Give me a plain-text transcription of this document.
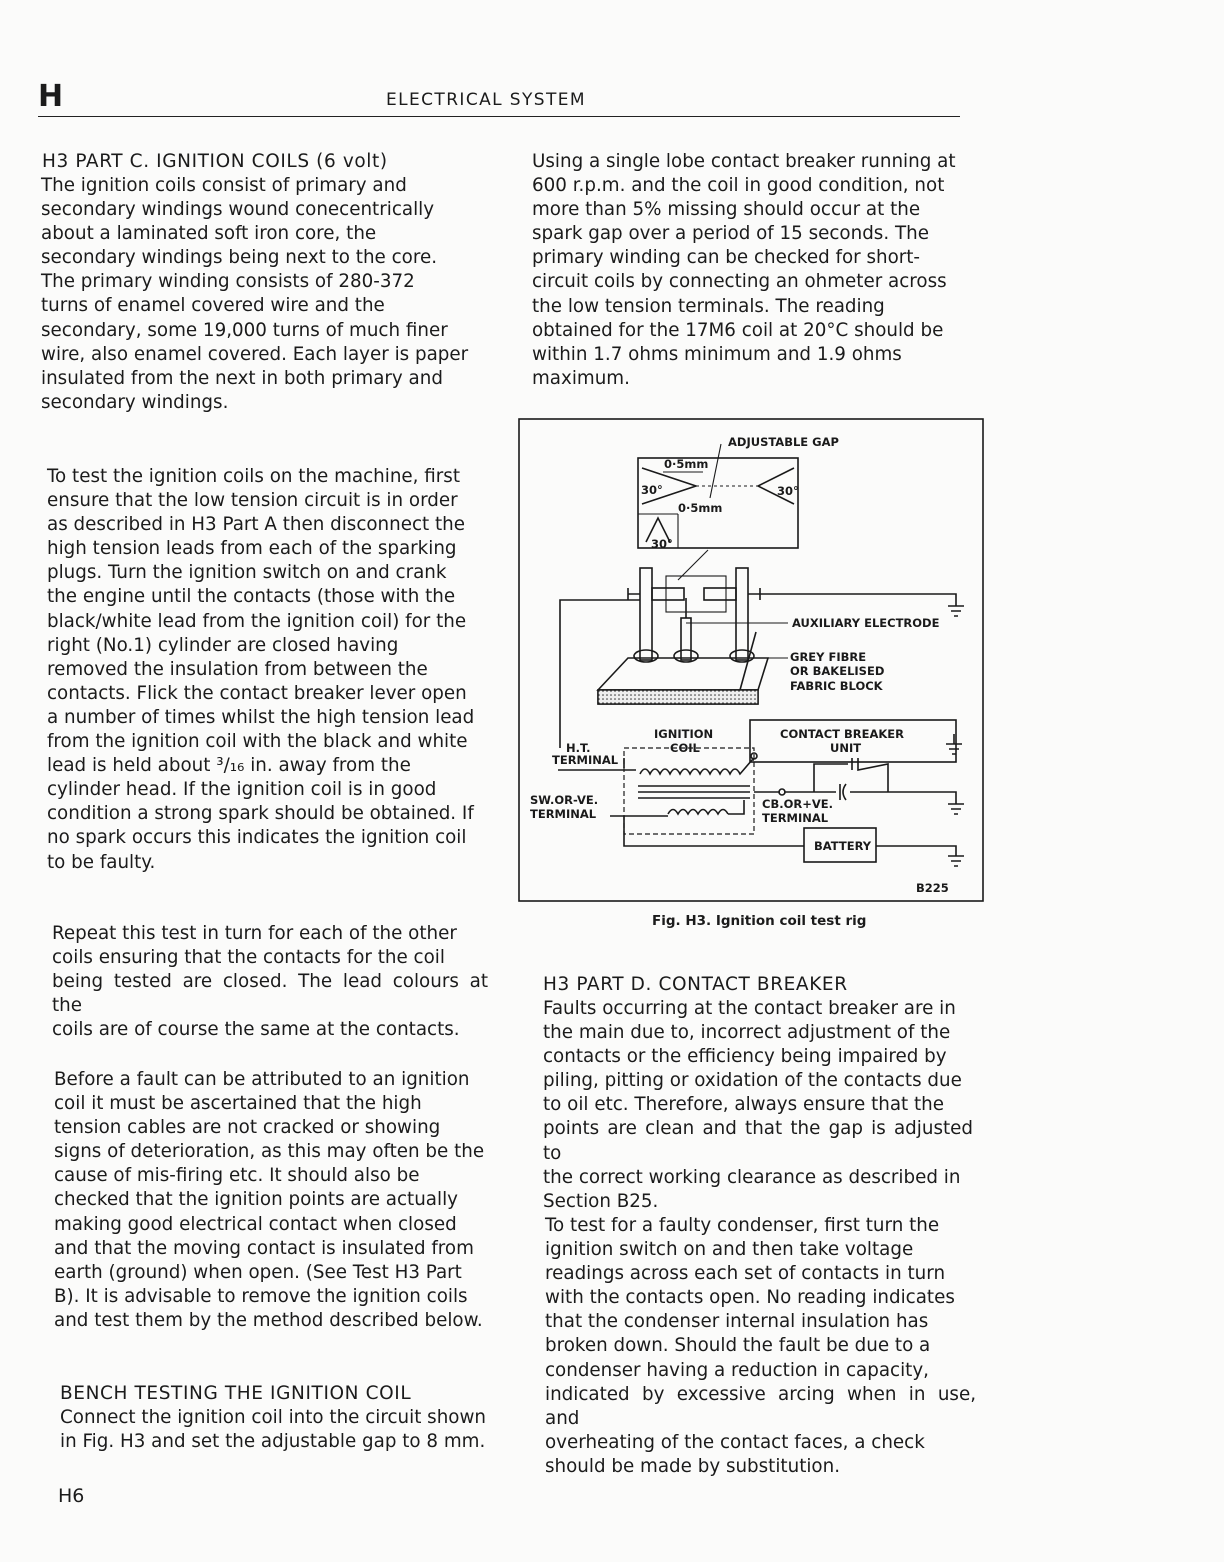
H	ELECTRICAL SYSTEM
H3 PART C. IGNITION COILS (6 volt)
The ignition coils consist of primary and
secondary windings wound conecentrically
about a laminated soft iron core, the
secondary windings being next to the core.
The primary winding consists of 280-372
turns of enamel covered wire and the
secondary, some 19,000 turns of much finer
wire, also enamel covered. Each layer is paper
insulated from the next in both primary and
secondary windings.
To test the ignition coils on the machine, first
ensure that the low tension circuit is in order
as described in H3 Part A then disconnect the
high tension leads from each of the sparking
plugs. Turn the ignition switch on and crank
the engine until the contacts (those with the
black/white lead from the ignition coil) for the
right (No.1) cylinder are closed having
removed the insulation from between the
contacts. Flick the contact breaker lever open
a number of times whilst the high tension lead
from the ignition coil with the black and white
lead is held about ³/₁₆ in. away from the
cylinder head. If the ignition coil is in good
condition a strong spark should be obtained. If
no spark occurs this indicates the ignition coil
to be faulty.
Repeat this test in turn for each of the other
coils ensuring that the contacts for the coil
being tested are closed. The lead colours at the
coils are of course the same at the contacts.
Before a fault can be attributed to an ignition
coil it must be ascertained that the high
tension cables are not cracked or showing
signs of deterioration, as this may often be the
cause of mis-firing etc. It should also be
checked that the ignition points are actually
making good electrical contact when closed
and that the moving contact is insulated from
earth (ground) when open. (See Test H3 Part
B). It is advisable to remove the ignition coils
and test them by the method described below.
BENCH TESTING THE IGNITION COIL
Connect the ignition coil into the circuit shown
in Fig. H3 and set the adjustable gap to 8 mm.
Using a single lobe contact breaker running at
600 r.p.m. and the coil in good condition, not
more than 5% missing should occur at the
spark gap over a period of 15 seconds. The
primary winding can be checked for short-
circuit coils by connecting an ohmeter across
the low tension terminals. The reading
obtained for the 17M6 coil at 20°C should be
within 1.7 ohms minimum and 1.9 ohms
maximum.
H3 PART D. CONTACT BREAKER
Faults occurring at the contact breaker are in
the main due to, incorrect adjustment of the
contacts or the efficiency being impaired by
piling, pitting or oxidation of the contacts due
to oil etc. Therefore, always ensure that the
points are clean and that the gap is adjusted to
the correct working clearance as described in
Section B25.
To test for a faulty condenser, first turn the
ignition switch on and then take voltage
readings across each set of contacts in turn
with the contacts open. No reading indicates
that the condenser internal insulation has
broken down. Should the fault be due to a
condenser having a reduction in capacity,
indicated by excessive arcing when in use, and
overheating of the contact faces, a check
should be made by substitution.
0·5mm
0·5mm
30°	30°
30°
ADJUSTABLE GAP
AUXILIARY ELECTRODE
GREY FIBRE
OR BAKELISED
FABRIC BLOCK
IGNITION
COIL
H.T.
TERMINAL
SW.OR-VE.
TERMINAL
CONTACT BREAKER
UNIT
CB.OR+VE.
TERMINAL
BATTERY
B225
Fig. H3. Ignition coil test rig
H6
